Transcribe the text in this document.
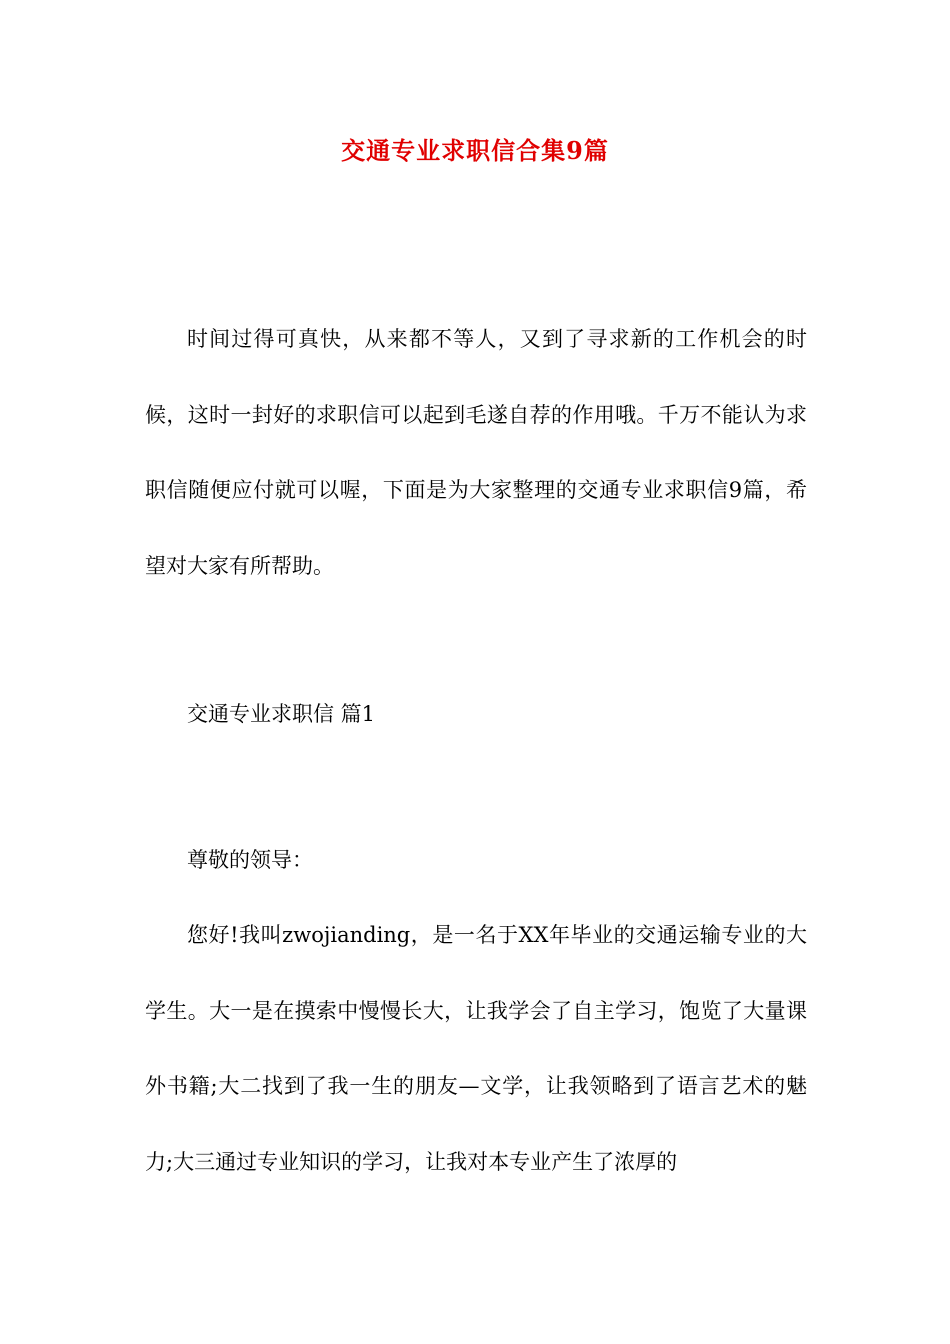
交通专业求职信合集9篇

时间过得可真快，从来都不等人，又到了寻求新的工作机会的时候，这时一封好的求职信可以起到毛遂自荐的作用哦。千万不能认为求职信随便应付就可以喔，下面是为大家整理的交通专业求职信9篇，希望对大家有所帮助。

交通专业求职信 篇1

尊敬的领导：

您好!我叫zwojianding，是一名于XX年毕业的交通运输专业的大学生。大一是在摸索中慢慢长大，让我学会了自主学习，饱览了大量课外书籍;大二找到了我一生的朋友—文学，让我领略到了语言艺术的魅力;大三通过专业知识的学习，让我对本专业产生了浓厚的
